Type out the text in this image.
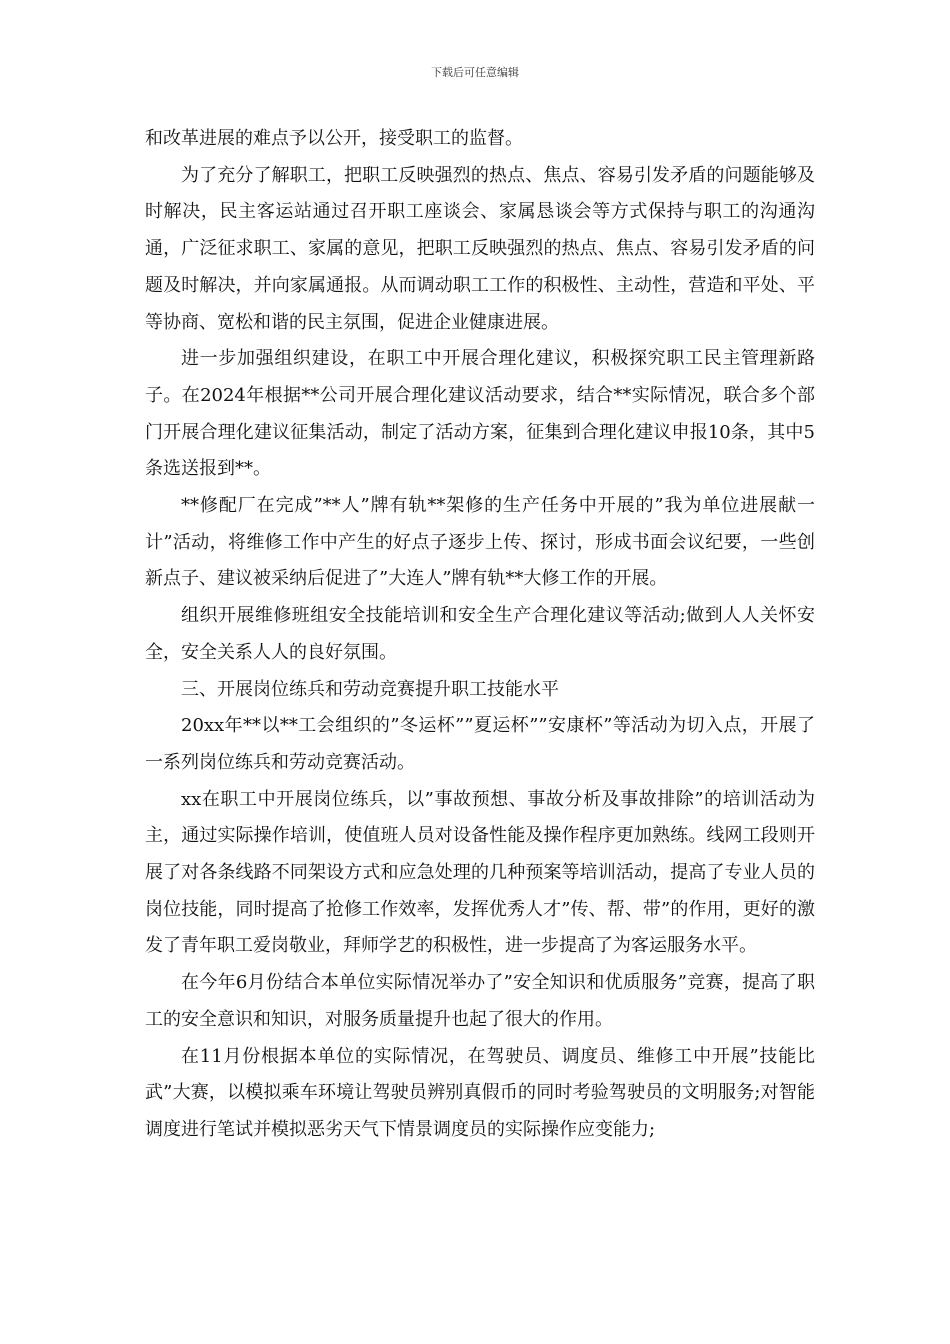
下载后可任意编辑

和改革进展的难点予以公开，接受职工的监督。

为了充分了解职工，把职工反映强烈的热点、焦点、容易引发矛盾的问题能够及时解决，民主客运站通过召开职工座谈会、家属恳谈会等方式保持与职工的沟通沟通，广泛征求职工、家属的意见，把职工反映强烈的热点、焦点、容易引发矛盾的问题及时解决，并向家属通报。从而调动职工工作的积极性、主动性，营造和平处、平等协商、宽松和谐的民主氛围，促进企业健康进展。

进一步加强组织建设，在职工中开展合理化建议，积极探究职工民主管理新路子。在2024年根据**公司开展合理化建议活动要求，结合**实际情况，联合多个部门开展合理化建议征集活动，制定了活动方案，征集到合理化建议申报10条，其中5条选送报到**。

**修配厂在完成”**人”牌有轨**架修的生产任务中开展的”我为单位进展献一计”活动，将维修工作中产生的好点子逐步上传、探讨，形成书面会议纪要，一些创新点子、建议被采纳后促进了”大连人”牌有轨**大修工作的开展。

组织开展维修班组安全技能培训和安全生产合理化建议等活动;做到人人关怀安全，安全关系人人的良好氛围。

三、开展岗位练兵和劳动竞赛提升职工技能水平

20xx年**以**工会组织的”冬运杯””夏运杯””安康杯”等活动为切入点，开展了一系列岗位练兵和劳动竞赛活动。

xx在职工中开展岗位练兵，以”事故预想、事故分析及事故排除”的培训活动为主，通过实际操作培训，使值班人员对设备性能及操作程序更加熟练。线网工段则开展了对各条线路不同架设方式和应急处理的几种预案等培训活动，提高了专业人员的岗位技能，同时提高了抢修工作效率，发挥优秀人才”传、帮、带”的作用，更好的激发了青年职工爱岗敬业，拜师学艺的积极性，进一步提高了为客运服务水平。

在今年6月份结合本单位实际情况举办了”安全知识和优质服务”竞赛，提高了职工的安全意识和知识，对服务质量提升也起了很大的作用。

在11月份根据本单位的实际情况，在驾驶员、调度员、维修工中开展”技能比武”大赛，以模拟乘车环境让驾驶员辨别真假币的同时考验驾驶员的文明服务;对智能调度进行笔试并模拟恶劣天气下情景调度员的实际操作应变能力;
